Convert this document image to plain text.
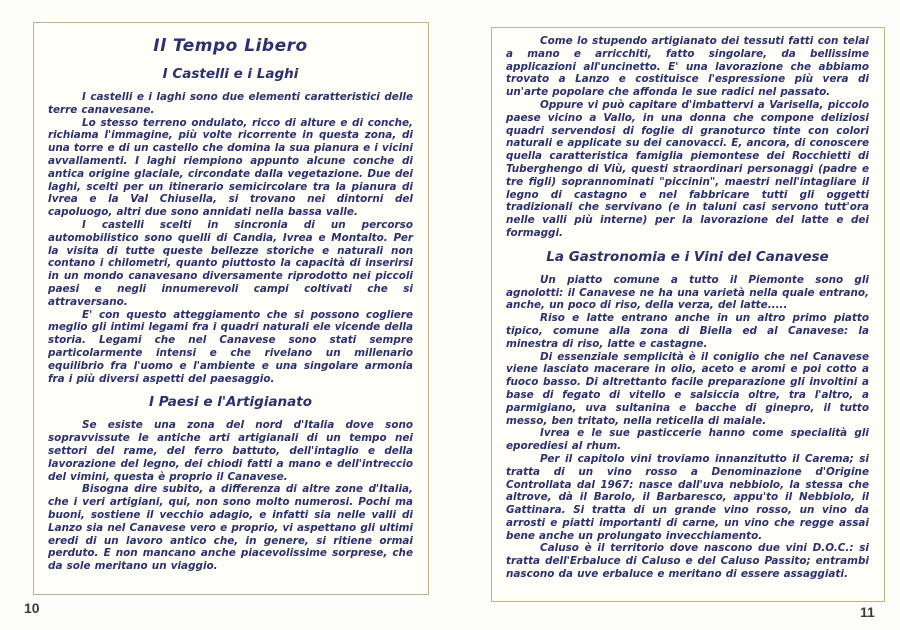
Il Tempo Libero
I Castelli e i Laghi

I castelli e i laghi sono due elementi caratteristici delle terre canavesane.

Lo stesso terreno ondulato, ricco di alture e di conche, richiama l'immagine, più volte ricorrente in questa zona, di una torre e di un castello che domina la sua pianura e i vicini avvallamenti. I laghi riempiono appunto alcune conche di antica origine glaciale, circondate dalla vegetazione. Due dei laghi, scelti per un itinerario semicircolare tra la pianura di Ivrea e la Val Chiusella, si trovano nei dintorni del capoluogo, altri due sono annidati nella bassa valle.

I castelli scelti in sincronia di un percorso automobilistico sono quelli di Candia, Ivrea e Montalto. Per la visita di tutte queste bellezze storiche e naturali non contano i chilometri, quanto piuttosto la capacità di inserirsi in un mondo canavesano diversamente riprodotto nei piccoli paesi e negli innumerevoli campi coltivati che si attraversano.

E' con questo atteggiamento che si possono cogliere meglio gli intimi legami fra i quadri naturali ele vicende della storia. Legami che nel Canavese sono stati sempre particolarmente intensi e che rivelano un millenario equilibrio fra l'uomo e l'ambiente e una singolare armonia fra i più diversi aspetti del paesaggio.

I Paesi e l'Artigianato

Se esiste una zona del nord d'Italia dove sono sopravvissute le antiche arti artigianali di un tempo nei settori del rame, del ferro battuto, dell'intaglio e della lavorazione del legno, dei chiodi fatti a mano e dell'intreccio del vimini, questa è proprio il Canavese.

Bisogna dire subito, a differenza di altre zone d'Italia, che i veri artigiani, qui, non sono molto numerosi. Pochi ma buoni, sostiene il vecchio adagio, e infatti sia nelle valli di Lanzo sia nel Canavese vero e proprio, vi aspettano gli ultimi eredi di un lavoro antico che, in genere, si ritiene ormai perduto. E non mancano anche piacevolissime sorprese, che da sole meritano un viaggio.

Come lo stupendo artigianato dei tessuti fatti con telai a mano e arricchiti, fatto singolare, da bellissime applicazioni all'uncinetto. E' una lavorazione che abbiamo trovato a Lanzo e costituisce l'espressione più vera di un'arte popolare che affonda le sue radici nel passato.

Oppure vi può capitare d'imbattervi a Varisella, piccolo paese vicino a Vallo, in una donna che compone deliziosi quadri servendosi di foglie di granoturco tinte con colori naturali e applicate su dei canovacci. E, ancora, di conoscere quella caratteristica famiglia piemontese dei Rocchietti di Tuberghengo di Viù, questi straordinari personaggi (padre e tre figli) soprannominati "piccinin", maestri nell'intagliare il legno di castagno e nel fabbricare tutti gli oggetti tradizionali che servivano (e in taluni casi servono tutt'ora nelle valli più interne) per la lavorazione del latte e dei formaggi.

La Gastronomia e i Vini del Canavese

Un piatto comune a tutto il Piemonte sono gli agnolotti: il Canavese ne ha una varietà nella quale entrano, anche, un poco di riso, della verza, del latte.....

Riso e latte entrano anche in un altro primo piatto tipico, comune alla zona di Biella ed al Canavese: la minestra di riso, latte e castagne.

Di essenziale semplicità è il coniglio che nel Canavese viene lasciato macerare in olio, aceto e aromi e poi cotto a fuoco basso. Di altrettanto facile preparazione gli involtini a base di fegato di vitello e salsiccia oltre, tra l'altro, a parmigiano, uva sultanina e bacche di ginepro, il tutto messo, ben tritato, nella reticella di maiale.

Ivrea e le sue pasticcerie hanno come specialità gli eporediesi al rhum.

Per il capitolo vini troviamo innanzitutto il Carema; si tratta di un vino rosso a Denominazione d'Origine Controllata dal 1967: nasce dall'uva nebbiolo, la stessa che altrove, dà il Barolo, il Barbaresco, appu'to il Nebbiolo, il Gattinara. Si tratta di un grande vino rosso, un vino da arrosti e piatti importanti di carne, un vino che regge assai bene anche un prolungato invecchiamento.

Caluso è il territorio dove nascono due vini D.O.C.: si tratta dell'Erbaluce di Caluso e del Caluso Passito; entrambi nascono da uve erbaluce e meritano di essere assaggiati.

10	11
